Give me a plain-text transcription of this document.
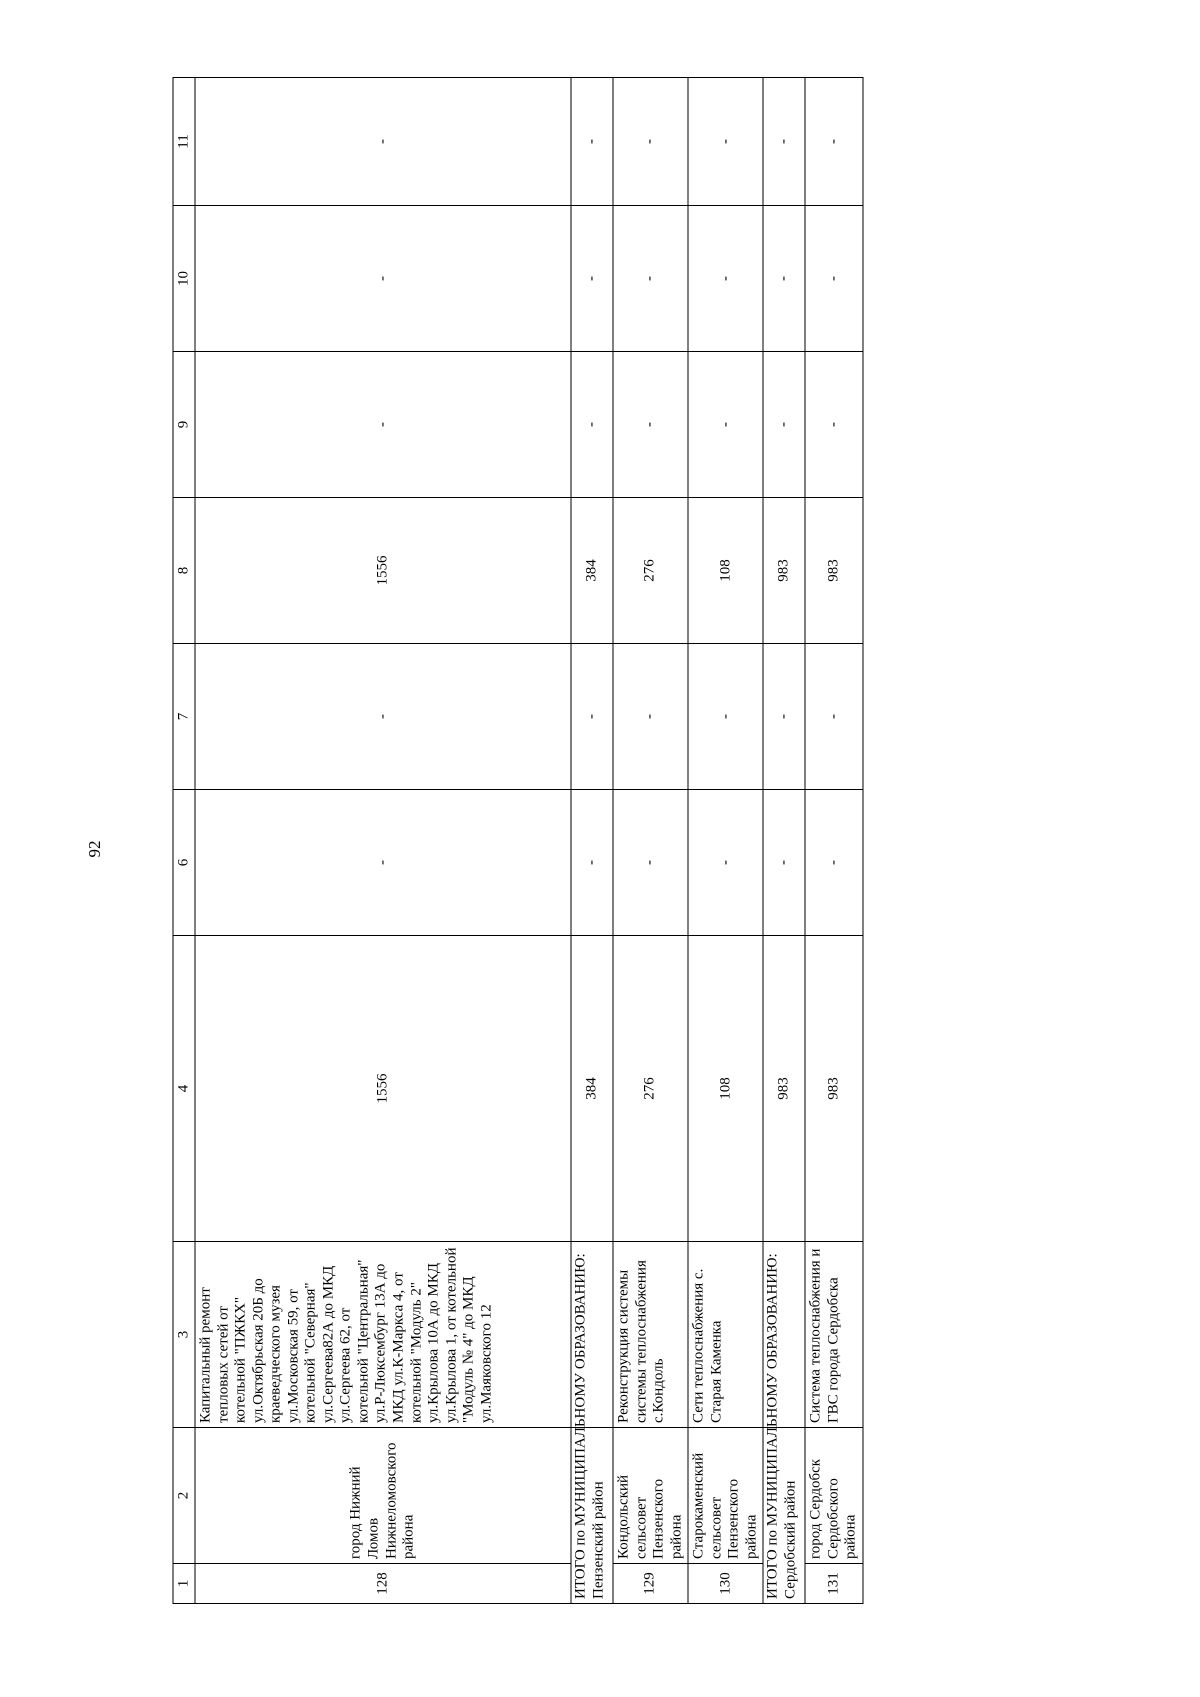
92
1	2	3	4	6	7	8	9	10	11
128	город Нижний Ломов Нижнеломовского района	Капитальный ремонт тепловых сетей от котельной "ПЖКХ" ул.Октябрьская 20Б до краеведческого музея ул.Московская 59, от котельной "Северная" ул.Сергеева82А до МКД ул.Сергеева 62, от котельной "Центральная" ул.Р-Люксембург 13А до МКД ул.К-Маркса 4, от котельной "Модуль 2" ул.Крылова 10А до МКД ул.Крылова 1, от котельной "Модуль № 4" до МКД ул.Маяковского 12	1556	-	-	1556	-	-	-

ИТОГО по МУНИЦИПАЛЬНОМУ ОБРАЗОВАНИЮ: Пензенский район			384	-	-	384	-	-	-
129	Кондольский сельсовет Пензенского района	Реконструкция системы системы теплоснабжения с.Кондоль	276	-	-	276	-	-	-
130	Старокаменский сельсовет Пензенского района	Сети теплоснабжения с. Старая Каменка	108	-	-	108	-	-	-

ИТОГО по МУНИЦИПАЛЬНОМУ ОБРАЗОВАНИЮ: Сердобский район			983	-	-	983	-	-	-
131	город Сердобск Сердобского района	Система теплоснабжения и ГВС города Сердобска	983	-	-	983	-	-	-
